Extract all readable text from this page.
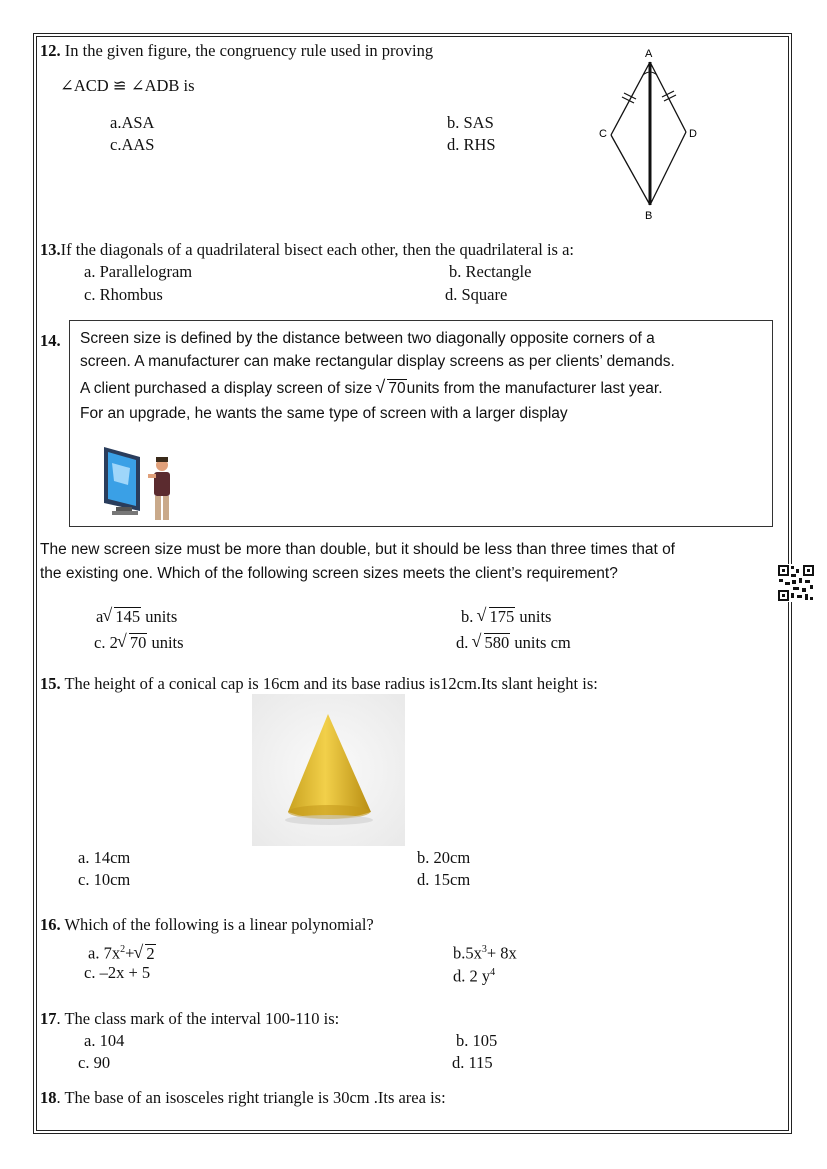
12. In the given figure, the congruency rule used in proving
∠ACD ≌ ∠ADB is
a.ASA	b. SAS
c.AAS	d. RHS
A
C	D
B
13.If the diagonals of a quadrilateral bisect each other, then the quadrilateral is a:
a. Parallelogram	b. Rectangle
c. Rhombus	d. Square
14. Screen size is defined by the distance between two diagonally opposite corners of a
screen. A manufacturer can make rectangular display screens as per clients’ demands.
A client purchased a display screen of size √ 70units from the manufacturer last year.
For an upgrade, he wants the same type of screen with a larger display
The new screen size must be more than double, but it should be less than three times that of
the existing one. Which of the following screen sizes meets the client’s requirement?
a√ 145 units	b. √ 175 units
c. 2√ 70 units	d. √ 580 units cm
15. The height of a conical cap is 16cm and its base radius is12cm.Its slant height is:
a. 14cm	b. 20cm
c. 10cm	d. 15cm
16. Which of the following is a linear polynomial?
a. $7x^2+√$ 2	$b.5x^3+ 8x$
c. –2x + 5	d. 2 $y^4$
17. The class mark of the interval 100-110 is:
a. 104	b. 105
c. 90	d. 115
18. The base of an isosceles right triangle is 30cm .Its area is:
